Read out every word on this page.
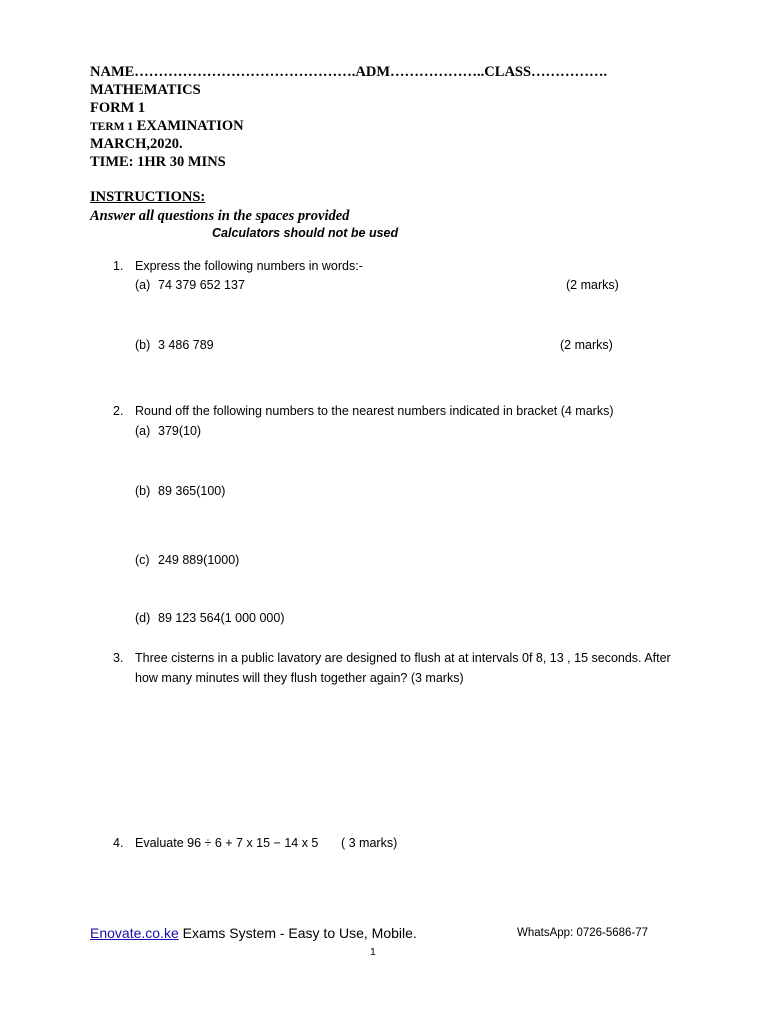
NAME……………………………………….ADM………………..CLASS…………….
MATHEMATICS
FORM 1
TERM 1 EXAMINATION
MARCH,2020.
TIME: 1HR 30 MINS
INSTRUCTIONS:
Answer all questions in the spaces provided
Calculators should not be used
1. Express the following numbers in words:-
(a) 74 379 652 137	(2 marks)
(b) 3 486 789	(2 marks)
2. Round off the following numbers to the nearest numbers indicated in bracket (4 marks)
(a) 379(10)
(b) 89 365(100)
(c) 249 889(1000)
(d) 89 123 564(1 000 000)
3. Three cisterns in a public lavatory are designed to flush at at intervals 0f 8, 13 , 15 seconds. After
how many minutes will they flush together again? (3 marks)
4. Evaluate 96 ÷ 6 + 7 x 15 − 14 x 5 ( 3 marks)
Enovate.co.ke Exams System - Easy to Use, Mobile.	WhatsApp: 0726-5686-77
1
